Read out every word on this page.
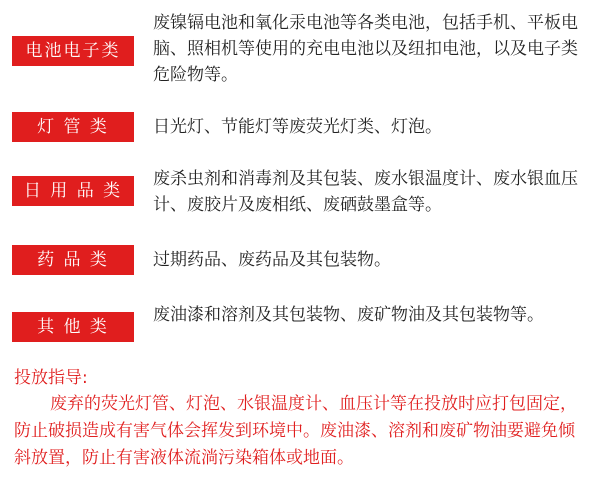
电池电子类
废镍镉电池和氧化汞电池等各类电池，包括手机、平板电脑、照相机等使用的充电电池以及纽扣电池，以及电子类危险物等。
灯 管 类	日光灯、节能灯等废荧光灯类、灯泡。
日 用 品 类
废杀虫剂和消毒剂及其包装、废水银温度计、废水银血压计、废胶片及废相纸、废硒鼓墨盒等。
药 品 类	过期药品、废药品及其包装物。
其 他 类
废油漆和溶剂及其包装物、废矿物油及其包装物等。
投放指导:
废弃的荧光灯管、灯泡、水银温度计、血压计等在投放时应打包固定，防止破损造成有害气体会挥发到环境中。废油漆、溶剂和废矿物油要避免倾斜放置，防止有害液体流淌污染箱体或地面。
